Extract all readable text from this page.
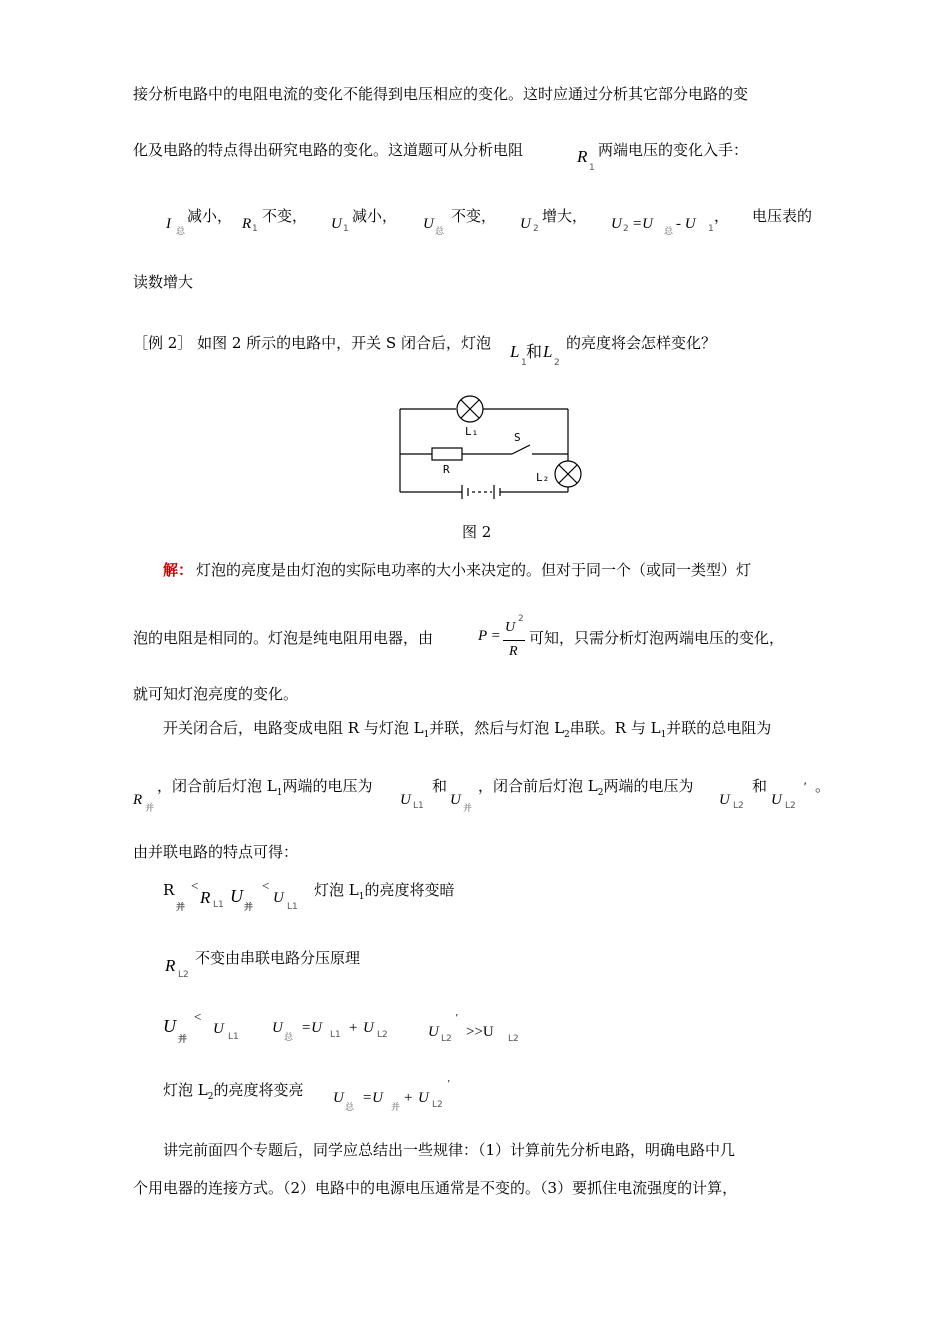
接分析电路中的电阻电流的变化不能得到电压相应的变化。这时应通过分析其它部分电路的变
化及电路的特点得出研究电路的变化。这道题可从分析电阻	R
1
两端电压的变化入手：
I 总
减小， R 1
不变， U 1
减小， U 总
不变， U 2
增大， U 2 =U 总 - U 1
， 电压表的
读数增大
［例 2］ 如图 2 所示的电路中，开关 S 闭合后，灯泡 L
1
和 L
2
的亮度将会怎样变化？
L₁	S
R
L₂
图 2
解： 灯泡的亮度是由灯泡的实际电功率的大小来决定的。但对于同一个（或同一类型）灯
泡的电阻是相同的。灯泡是纯电阻用电器，由	P =
U
2
R
可知，只需分析灯泡两端电压的变化，
就可知灯泡亮度的变化。
开关闭合后，电路变成电阻 R 与灯泡 $L_1$并联，然后与灯泡 $L_2$串联。R 与 $L_1$并联的总电阻为
R
并
，闭合前后灯泡 $L_1$两端的电压为
U L1
和
U
并
，闭合前后灯泡 $L_2$两端的电压为
U L2
和
U L2
' 。
由并联电路的特点可得：
R
并
<
R L1 U
并
<
U
L1
灯泡 $L_1$的亮度将变暗
R L2
不变由串联电路分压原理
U
并
<
U L1
U
总
=U L1 + U L2	U L2
'
>>U L2
灯泡 $L_2$的亮度将变亮 U
总
=U
并
+ U L2
'
讲完前面四个专题后，同学应总结出一些规律：（1）计算前先分析电路，明确电路中几
个用电器的连接方式。（2）电路中的电源电压通常是不变的。（3）要抓住电流强度的计算，
